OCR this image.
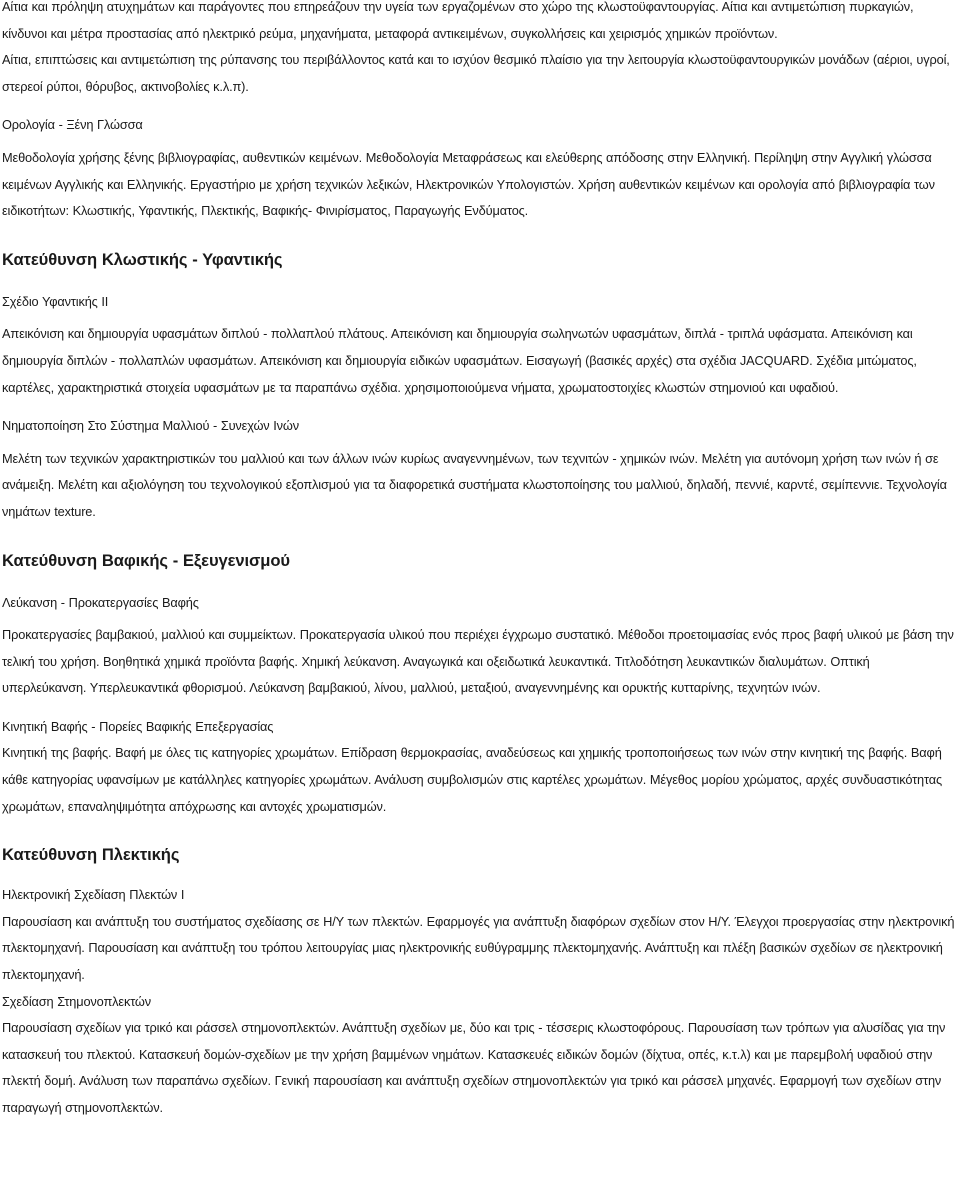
Αίτια και πρόληψη ατυχημάτων και παράγοντες που επηρεάζουν την υγεία των εργαζομένων στο χώρο της κλωστοϋφαντουργίας. Αίτια και αντιμετώπιση πυρκαγιών, κίνδυνοι και μέτρα προστασίας από ηλεκτρικό ρεύμα, μηχανήματα, μεταφορά αντικειμένων, συγκολλήσεις και χειρισμός χημικών προϊόντων.

Αίτια, επιπτώσεις και αντιμετώπιση της ρύπανσης του περιβάλλοντος κατά και το ισχύον θεσμικό πλαίσιο για την λειτουργία κλωστοϋφαντουργικών μονάδων (αέριοι, υγροί, στερεοί ρύποι, θόρυβος, ακτινοβολίες κ.λ.π).

Ορολογία - Ξένη Γλώσσα

Μεθοδολογία χρήσης ξένης βιβλιογραφίας, αυθεντικών κειμένων. Μεθοδολογία Μεταφράσεως και ελεύθερης απόδοσης στην Ελληνική. Περίληψη στην Αγγλική γλώσσα κειμένων Αγγλικής και Ελληνικής. Εργαστήριο με χρήση τεχνικών λεξικών, Ηλεκτρονικών Υπολογιστών. Χρήση αυθεντικών κειμένων και ορολογία από βιβλιογραφία των ειδικοτήτων: Κλωστικής, Υφαντικής, Πλεκτικής, Βαφικής- Φινιρίσματος, Παραγωγής Ενδύματος.

Κατεύθυνση Κλωστικής - Υφαντικής

Σχέδιο Υφαντικής ΙΙ

Απεικόνιση και δημιουργία υφασμάτων διπλού - πολλαπλού πλάτους. Απεικόνιση και δημιουργία σωληνωτών υφασμάτων, διπλά - τριπλά υφάσματα. Απεικόνιση και δημιουργία διπλών - πολλαπλών υφασμάτων. Απεικόνιση και δημιουργία ειδικών υφασμάτων. Εισαγωγή (βασικές αρχές) στα σχέδια JACQUARD. Σχέδια μιτώματος, καρτέλες, χαρακτηριστικά στοιχεία υφασμάτων με τα παραπάνω σχέδια. χρησιμοποιούμενα νήματα, χρωματοστοιχίες κλωστών στημονιού και υφαδιού.

Νηματοποίηση Στο Σύστημα Μαλλιού - Συνεχών Ινών

Μελέτη των τεχνικών χαρακτηριστικών του μαλλιού και των άλλων ινών κυρίως αναγεννημένων, των τεχνιτών - χημικών ινών. Μελέτη για αυτόνομη χρήση των ινών ή σε ανάμειξη. Μελέτη και αξιολόγηση του τεχνολογικού εξοπλισμού για τα διαφορετικά συστήματα κλωστοποίησης του μαλλιού, δηλαδή, πεννιέ, καρντέ, σεμίπεννιε. Τεχνολογία νημάτων texture.

Κατεύθυνση Βαφικής - Εξευγενισμού

Λεύκανση - Προκατεργασίες Βαφής

Προκατεργασίες βαμβακιού, μαλλιού και συμμείκτων. Προκατεργασία υλικού που περιέχει έγχρωμο συστατικό. Μέθοδοι προετοιμασίας ενός προς βαφή υλικού με βάση την τελική του χρήση. Βοηθητικά χημικά προϊόντα βαφής. Χημική λεύκανση. Αναγωγικά και οξειδωτικά λευκαντικά. Τιτλοδότηση λευκαντικών διαλυμάτων. Οπτική υπερλεύκανση. Υπερλευκαντικά φθορισμού. Λεύκανση βαμβακιού, λίνου, μαλλιού, μεταξιού, αναγεννημένης και ορυκτής κυτταρίνης, τεχνητών ινών.

Κινητική Βαφής - Πορείες Βαφικής Επεξεργασίας

Κινητική της βαφής. Βαφή με όλες τις κατηγορίες χρωμάτων. Επίδραση θερμοκρασίας, αναδεύσεως και χημικής τροποποιήσεως των ινών στην κινητική της βαφής. Βαφή κάθε κατηγορίας υφανσίμων με κατάλληλες κατηγορίες χρωμάτων. Ανάλυση συμβολισμών στις καρτέλες χρωμάτων. Μέγεθος μορίου χρώματος, αρχές συνδυαστικότητας χρωμάτων, επαναληψιμότητα απόχρωσης και αντοχές χρωματισμών.

Κατεύθυνση Πλεκτικής

Ηλεκτρονική Σχεδίαση Πλεκτών Ι

Παρουσίαση και ανάπτυξη του συστήματος σχεδίασης σε Η/Υ των πλεκτών. Εφαρμογές για ανάπτυξη διαφόρων σχεδίων στον Η/Υ. Έλεγχοι προεργασίας στην ηλεκτρονική πλεκτομηχανή. Παρουσίαση και ανάπτυξη του τρόπου λειτουργίας μιας ηλεκτρονικής ευθύγραμμης πλεκτομηχανής. Ανάπτυξη και πλέξη βασικών σχεδίων σε ηλεκτρονική πλεκτομηχανή.

Σχεδίαση Στημονοπλεκτών

Παρουσίαση σχεδίων για τρικό και ράσσελ στημονοπλεκτών. Ανάπτυξη σχεδίων με, δύο και τρις - τέσσερις κλωστοφόρους. Παρουσίαση των τρόπων για αλυσίδας για την κατασκευή του πλεκτού. Κατασκευή δομών-σχεδίων με την χρήση βαμμένων νημάτων. Κατασκευές ειδικών δομών (δίχτυα, οπές, κ.τ.λ) και με παρεμβολή υφαδιού στην πλεκτή δομή. Ανάλυση των παραπάνω σχεδίων. Γενική παρουσίαση και ανάπτυξη σχεδίων στημονοπλεκτών για τρικό και ράσσελ μηχανές. Εφαρμογή των σχεδίων στην παραγωγή στημονοπλεκτών.
